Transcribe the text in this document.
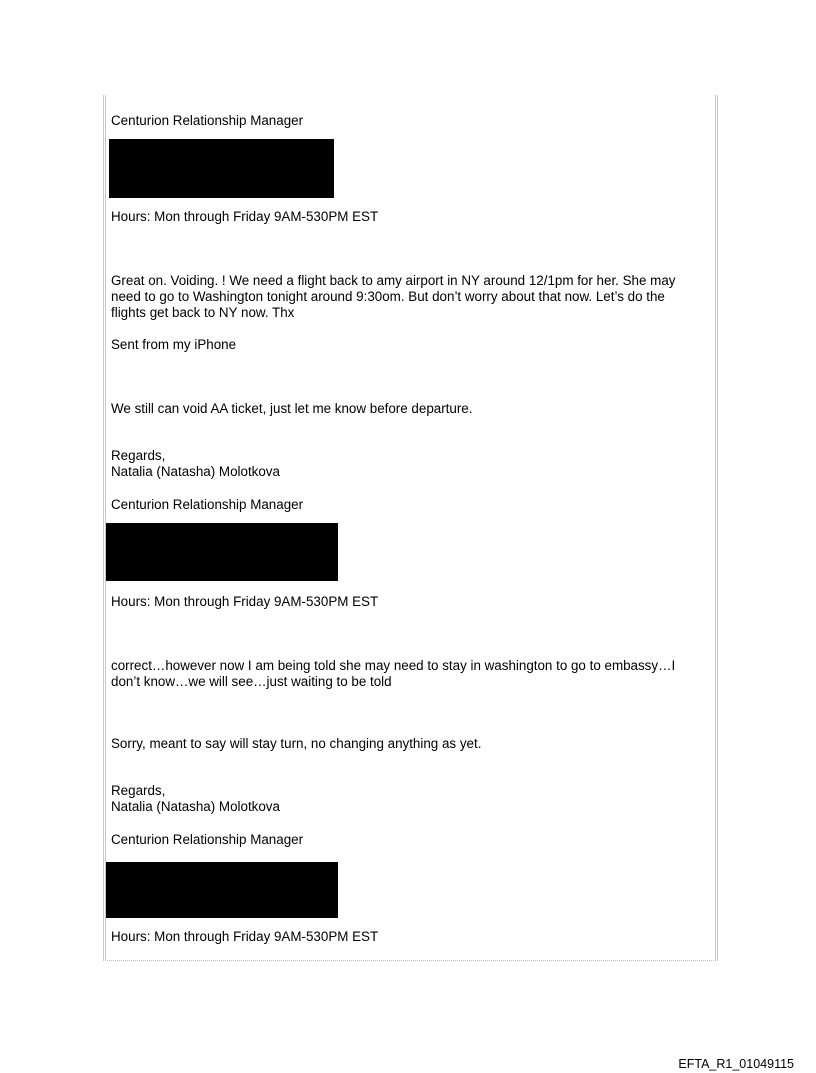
Centurion Relationship Manager
Hours: Mon through Friday 9AM-530PM EST
Great on. Voiding. ! We need a flight back to amy airport in NY around 12/1pm for her. She may
need to go to Washington tonight around 9:30om. But don’t worry about that now. Let’s do the
flights get back to NY now. Thx
Sent from my iPhone
We still can void AA ticket, just let me know before departure.
Regards,
Natalia (Natasha) Molotkova
Centurion Relationship Manager
Hours: Mon through Friday 9AM-530PM EST
correct…however now I am being told she may need to stay in washington to go to embassy…I
don’t know…we will see…just waiting to be told
Sorry, meant to say will stay turn, no changing anything as yet.
Regards,
Natalia (Natasha) Molotkova
Centurion Relationship Manager
Hours: Mon through Friday 9AM-530PM EST
EFTA_R1_01049115
